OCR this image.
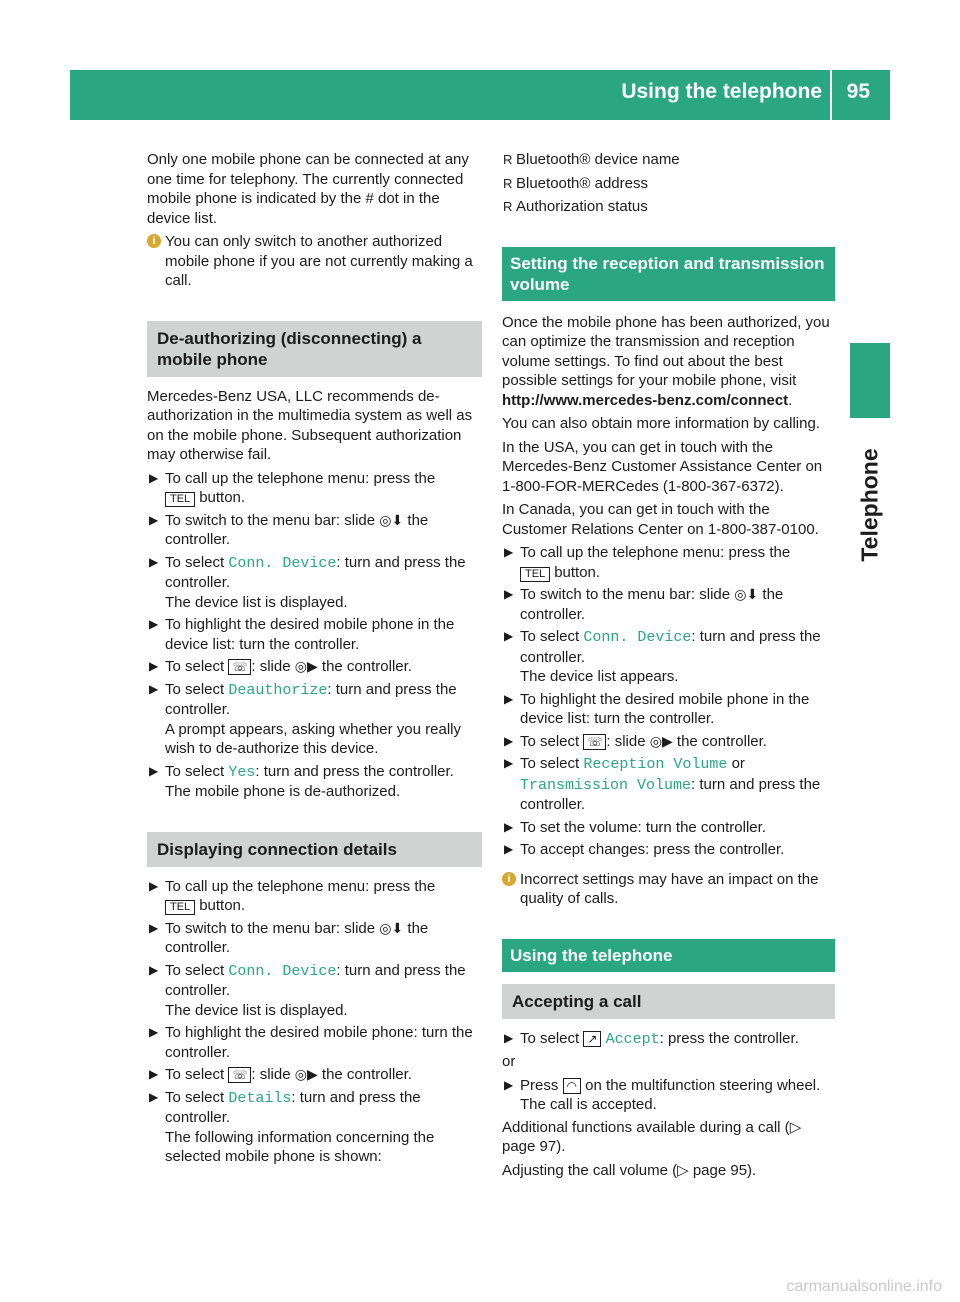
Using the telephone 95
Telephone

Only one mobile phone can be connected at any one time for telephony. The currently connected mobile phone is indicated by the # dot in the device list.

i You can only switch to another authorized mobile phone if you are not currently making a call.
De-authorizing (disconnecting) a mobile phone

Mercedes-Benz USA, LLC recommends de-authorization in the multimedia system as well as on the mobile phone. Subsequent authorization may otherwise fail.

▶ To call up the telephone menu: press the
TEL button.
▶ To switch to the menu bar: slide ◎⬇ the controller.
▶ To select Conn. Device: turn and press the controller.
The device list is displayed.
▶ To highlight the desired mobile phone in the device list: turn the controller.
▶ To select ☏ : slide ◎▶ the controller.
▶ To select Deauthorize: turn and press the controller.
A prompt appears, asking whether you really wish to de-authorize this device.
▶ To select Yes: turn and press the controller.
The mobile phone is de-authorized.
Displaying connection details
▶ To call up the telephone menu: press the
TEL button.
▶ To switch to the menu bar: slide ◎⬇ the controller.
▶ To select Conn. Device: turn and press the controller.
The device list is displayed.
▶ To highlight the desired mobile phone: turn the controller.
▶ To select ☏ : slide ◎▶ the controller.
▶ To select Details: turn and press the controller.
The following information concerning the selected mobile phone is shown:
R Bluetooth® device name
R Bluetooth® address
R Authorization status
Setting the reception and transmission volume

Once the mobile phone has been authorized, you can optimize the transmission and reception volume settings. To find out about the best possible settings for your mobile phone, visit http://www.mercedes-benz.com/connect.

You can also obtain more information by calling.

In the USA, you can get in touch with the Mercedes-Benz Customer Assistance Center on 1-800-FOR-MERCedes (1-800-367-6372).

In Canada, you can get in touch with the Customer Relations Center on 1-800-387-0100.

▶ To call up the telephone menu: press the
TEL button.
▶ To switch to the menu bar: slide ◎⬇ the controller.
▶ To select Conn. Device: turn and press the controller.
The device list appears.
▶ To highlight the desired mobile phone in the device list: turn the controller.
▶ To select ☏ : slide ◎▶ the controller.
▶ To select Reception Volume or Transmission Volume: turn and press the controller.
▶ To set the volume: turn the controller.
▶ To accept changes: press the controller.
i Incorrect settings may have an impact on the quality of calls.
Using the telephone
Accepting a call
▶ To select ↗ Accept: press the controller.

or

▶ Press ◠ on the multifunction steering wheel.
The call is accepted.

Additional functions available during a call (▷ page 97).

Adjusting the call volume (▷ page 95).

carmanualsonline.info
